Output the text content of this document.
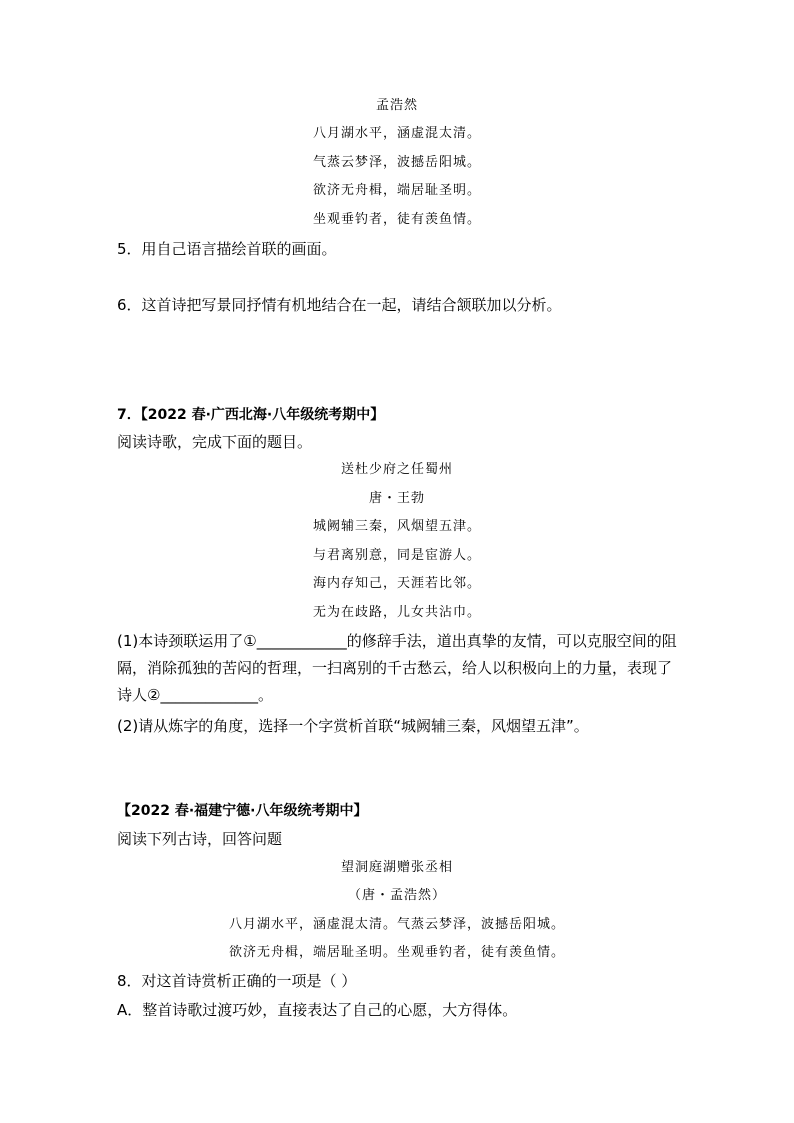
孟浩然
八月湖水平，涵虚混太清。
气蒸云梦泽，波撼岳阳城。
欲济无舟楫，端居耻圣明。
坐观垂钓者，徒有羡鱼情。
5．用自己语言描绘首联的画面。
6．这首诗把写景同抒情有机地结合在一起，请结合颔联加以分析。
7．【2022 春·广西北海·八年级统考期中】
阅读诗歌，完成下面的题目。
送杜少府之任蜀州
唐・王勃
城阙辅三秦，风烟望五津。
与君离别意，同是宦游人。
海内存知己，天涯若比邻。
无为在歧路，儿女共沾巾。
(1)本诗颈联运用了①____________的修辞手法，道出真挚的友情，可以克服空间的阻隔，消除孤独的苦闷的哲理，一扫离别的千古愁云，给人以积极向上的力量，表现了诗人②_____________。
(2)请从炼字的角度，选择一个字赏析首联“城阙辅三秦，风烟望五津”。
【2022 春·福建宁德·八年级统考期中】
阅读下列古诗，回答问题
望洞庭湖赠张丞相
（唐・孟浩然）
八月湖水平，涵虚混太清。气蒸云梦泽，波撼岳阳城。
欲济无舟楫，端居耻圣明。坐观垂钓者，徒有羡鱼情。
8．对这首诗赏析正确的一项是（ ）
A．整首诗歌过渡巧妙，直接表达了自己的心愿，大方得体。
